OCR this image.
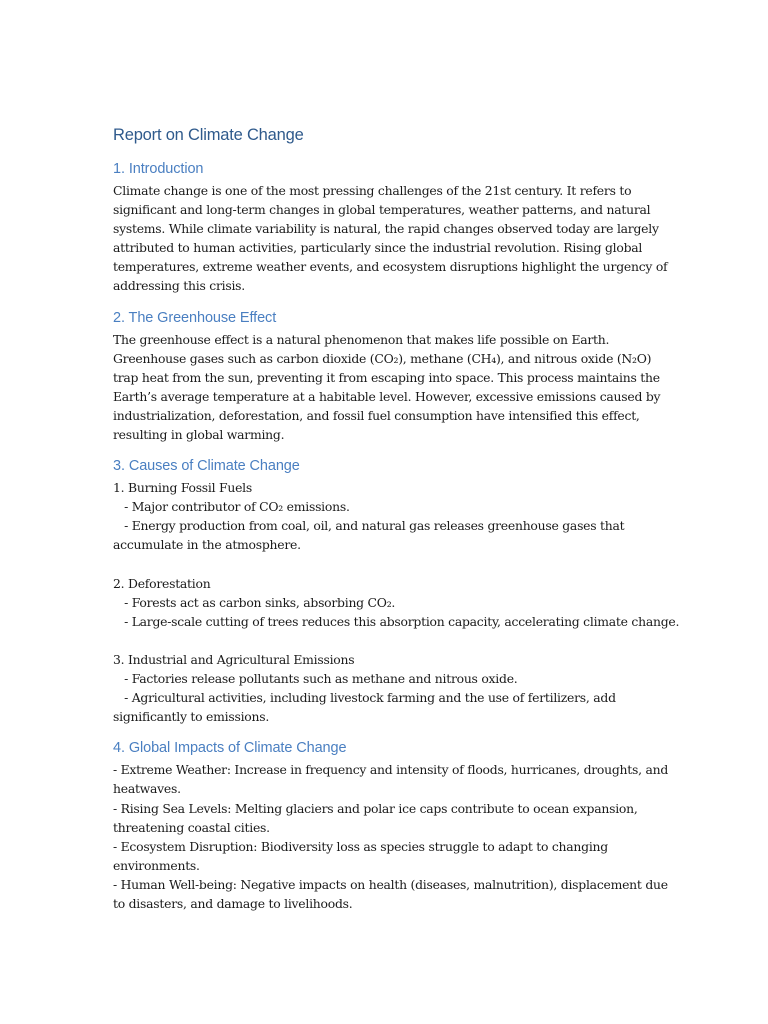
Report on Climate Change
1. Introduction
Climate change is one of the most pressing challenges of the 21st century. It refers to
significant and long-term changes in global temperatures, weather patterns, and natural
systems. While climate variability is natural, the rapid changes observed today are largely
attributed to human activities, particularly since the industrial revolution. Rising global
temperatures, extreme weather events, and ecosystem disruptions highlight the urgency of
addressing this crisis.
2. The Greenhouse Effect
The greenhouse effect is a natural phenomenon that makes life possible on Earth.
Greenhouse gases such as carbon dioxide (CO₂), methane (CH₄), and nitrous oxide (N₂O)
trap heat from the sun, preventing it from escaping into space. This process maintains the
Earth’s average temperature at a habitable level. However, excessive emissions caused by
industrialization, deforestation, and fossil fuel consumption have intensified this effect,
resulting in global warming.
3. Causes of Climate Change
1. Burning Fossil Fuels
- Major contributor of CO₂ emissions.
- Energy production from coal, oil, and natural gas releases greenhouse gases that
accumulate in the atmosphere.
2. Deforestation
- Forests act as carbon sinks, absorbing CO₂.
- Large-scale cutting of trees reduces this absorption capacity, accelerating climate change.
3. Industrial and Agricultural Emissions
- Factories release pollutants such as methane and nitrous oxide.
- Agricultural activities, including livestock farming and the use of fertilizers, add
significantly to emissions.
4. Global Impacts of Climate Change
- Extreme Weather: Increase in frequency and intensity of floods, hurricanes, droughts, and
heatwaves.
- Rising Sea Levels: Melting glaciers and polar ice caps contribute to ocean expansion,
threatening coastal cities.
- Ecosystem Disruption: Biodiversity loss as species struggle to adapt to changing
environments.
- Human Well-being: Negative impacts on health (diseases, malnutrition), displacement due
to disasters, and damage to livelihoods.
